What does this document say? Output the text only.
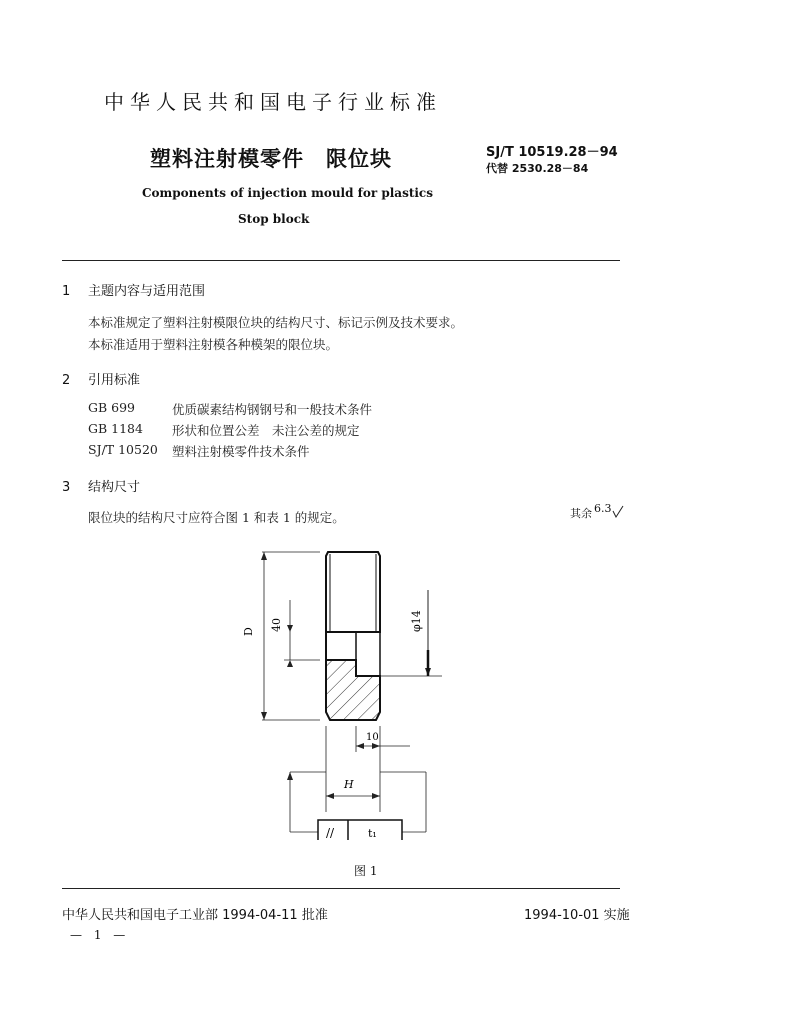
中华人民共和国电子行业标准
塑料注射模零件 限位块	SJ/T 10519.28－94
代替 2530.28－84
Components of injection mould for plastics
Stop block
1 主题内容与适用范围
本标准规定了塑料注射模限位块的结构尺寸、标记示例及技术要求。
本标准适用于塑料注射模各种模架的限位块。
2 引用标准
GB 699	优质碳素结构钢钢号和一般技术条件
GB 1184 形状和位置公差　未注公差的规定
SJ/T 10520 塑料注射模零件技术条件
3 结构尺寸
限位块的结构尺寸应符合图 1 和表 1 的规定。	其余 6.3
D 40	φ14
10
H
//	t₁
图 1
中华人民共和国电子工业部 1994-04-11 批准	1994-10-01 实施
— 1 —
